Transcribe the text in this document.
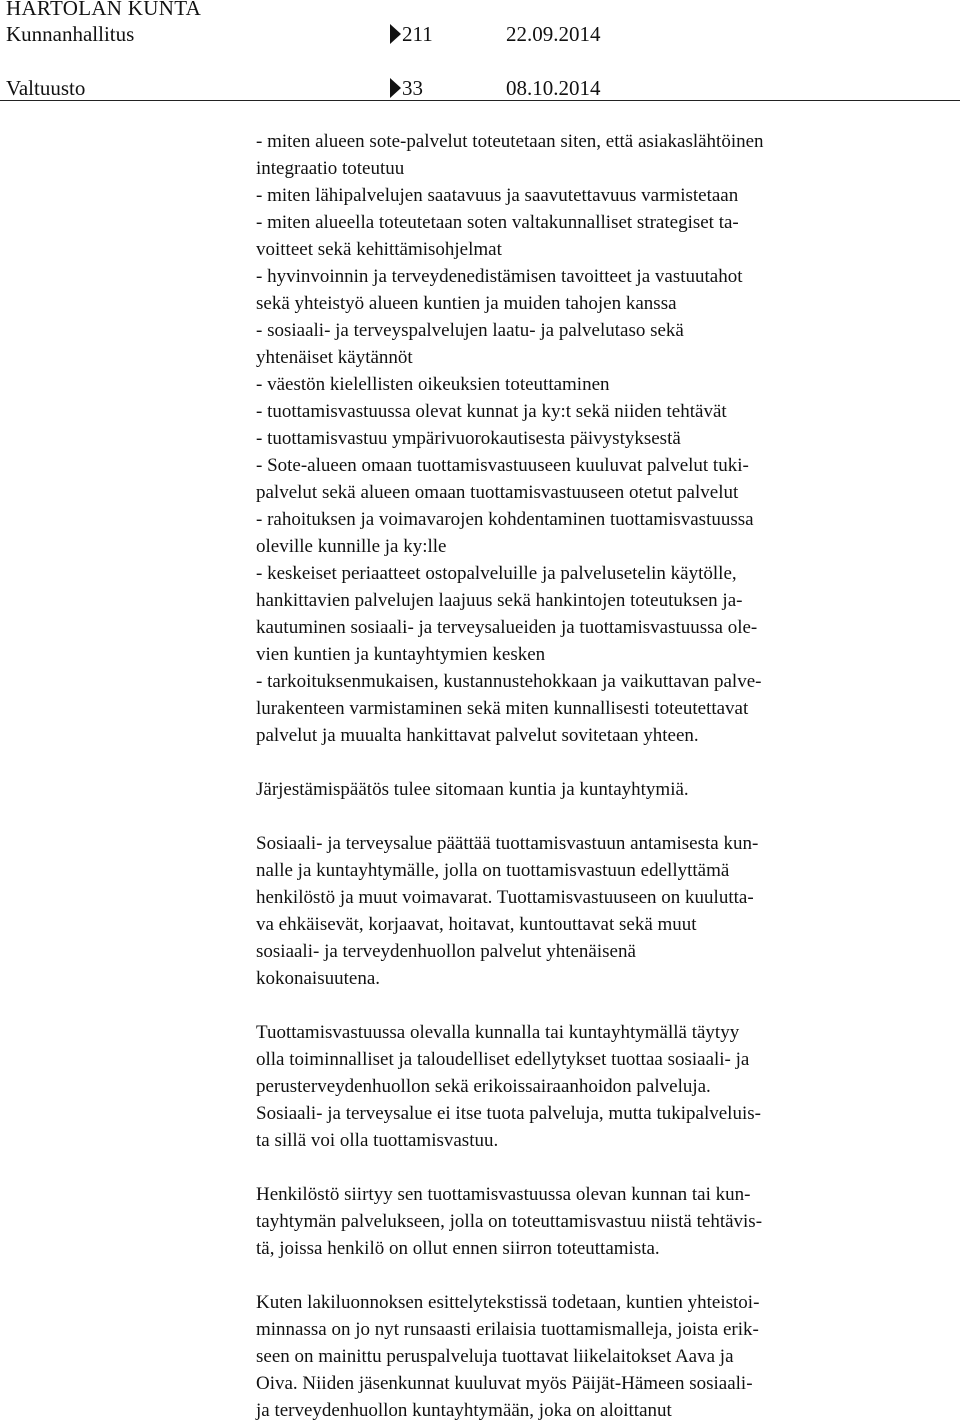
HARTOLAN KUNTA
Kunnanhallitus	211	22.09.2014
Valtuusto	33	08.10.2014
- miten alueen sote-palvelut toteutetaan siten, että asiakaslähtöinen
integraatio toteutuu
- miten lähipalvelujen saatavuus ja saavutettavuus varmistetaan
- miten alueella toteutetaan soten valtakunnalliset strategiset ta-
voitteet sekä kehittämisohjelmat
- hyvinvoinnin ja terveydenedistämisen tavoitteet ja vastuutahot
sekä yhteistyö alueen kuntien ja muiden tahojen kanssa
- sosiaali- ja terveyspalvelujen laatu- ja palvelutaso sekä
yhtenäiset käytännöt
- väestön kielellisten oikeuksien toteuttaminen
- tuottamisvastuussa olevat kunnat ja ky:t sekä niiden tehtävät
- tuottamisvastuu ympärivuorokautisesta päivystyksestä
- Sote-alueen omaan tuottamisvastuuseen kuuluvat palvelut tuki-
palvelut sekä alueen omaan tuottamisvastuuseen otetut palvelut
- rahoituksen ja voimavarojen kohdentaminen tuottamisvastuussa
oleville kunnille ja ky:lle
- keskeiset periaatteet ostopalveluille ja palvelusetelin käytölle,
hankittavien palvelujen laajuus sekä hankintojen toteutuksen ja-
kautuminen sosiaali- ja terveysalueiden ja tuottamisvastuussa ole-
vien kuntien ja kuntayhtymien kesken
- tarkoituksenmukaisen, kustannustehokkaan ja vaikuttavan palve-
lurakenteen varmistaminen sekä miten kunnallisesti toteutettavat
palvelut ja muualta hankittavat palvelut sovitetaan yhteen.
Järjestämispäätös tulee sitomaan kuntia ja kuntayhtymiä.
Sosiaali- ja terveysalue päättää tuottamisvastuun antamisesta kun-
nalle ja kuntayhtymälle, jolla on tuottamisvastuun edellyttämä
henkilöstö ja muut voimavarat. Tuottamisvastuuseen on kuulutta-
va ehkäisevät, korjaavat, hoitavat, kuntouttavat sekä muut
sosiaali- ja terveydenhuollon palvelut yhtenäisenä
kokonaisuutena.
Tuottamisvastuussa olevalla kunnalla tai kuntayhtymällä täytyy
olla toiminnalliset ja taloudelliset edellytykset tuottaa sosiaali- ja
perusterveydenhuollon sekä erikoissairaanhoidon palveluja.
Sosiaali- ja terveysalue ei itse tuota palveluja, mutta tukipalveluis-
ta sillä voi olla tuottamisvastuu.
Henkilöstö siirtyy sen tuottamisvastuussa olevan kunnan tai kun-
tayhtymän palvelukseen, jolla on toteuttamisvastuu niistä tehtävis-
tä, joissa henkilö on ollut ennen siirron toteuttamista.
Kuten lakiluonnoksen esittelytekstissä todetaan, kuntien yhteistoi-
minnassa on jo nyt runsaasti erilaisia tuottamismalleja, joista erik-
seen on mainittu peruspalveluja tuottavat liikelaitokset Aava ja
Oiva. Niiden jäsenkunnat kuuluvat myös Päijät-Hämeen sosiaali-
ja terveydenhuollon kuntayhtymään, joka on aloittanut
